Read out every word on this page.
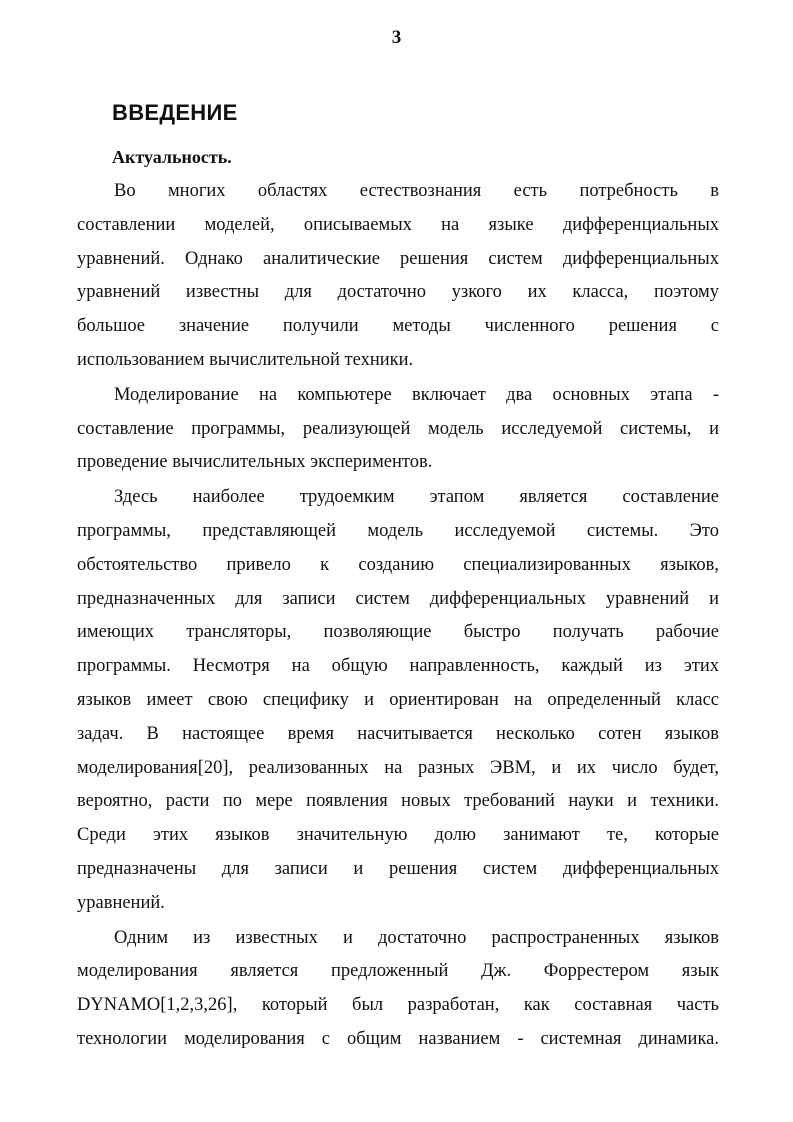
3
ВВЕДЕНИЕ
Актуальность.
Во многих областях естествознания есть потребность в
составлении моделей, описываемых на языке дифференциальных
уравнений. Однако аналитические решения систем дифференциальных
уравнений известны для достаточно узкого их класса, поэтому
большое значение получили методы численного решения с
использованием вычислительной техники.
Моделирование на компьютере включает два основных этапа -
составление программы, реализующей модель исследуемой системы, и
проведение вычислительных экспериментов.
Здесь наиболее трудоемким этапом является составление
программы, представляющей модель исследуемой системы. Это
обстоятельство привело к созданию специализированных языков,
предназначенных для записи систем дифференциальных уравнений и
имеющих трансляторы, позволяющие быстро получать рабочие
программы. Несмотря на общую направленность, каждый из этих
языков имеет свою специфику и ориентирован на определенный класс
задач. В настоящее время насчитывается несколько сотен языков
моделирования[20], реализованных на разных ЭВМ, и их число будет,
вероятно, расти по мере появления новых требований науки и техники.
Среди этих языков значительную долю занимают те, которые
предназначены для записи и решения систем дифференциальных
уравнений.
Одним из известных и достаточно распространенных языков
моделирования является предложенный Дж. Форрестером язык
DYNAMO[1,2,3,26], который был разработан, как составная часть
технологии моделирования с общим названием - системная динамика.
